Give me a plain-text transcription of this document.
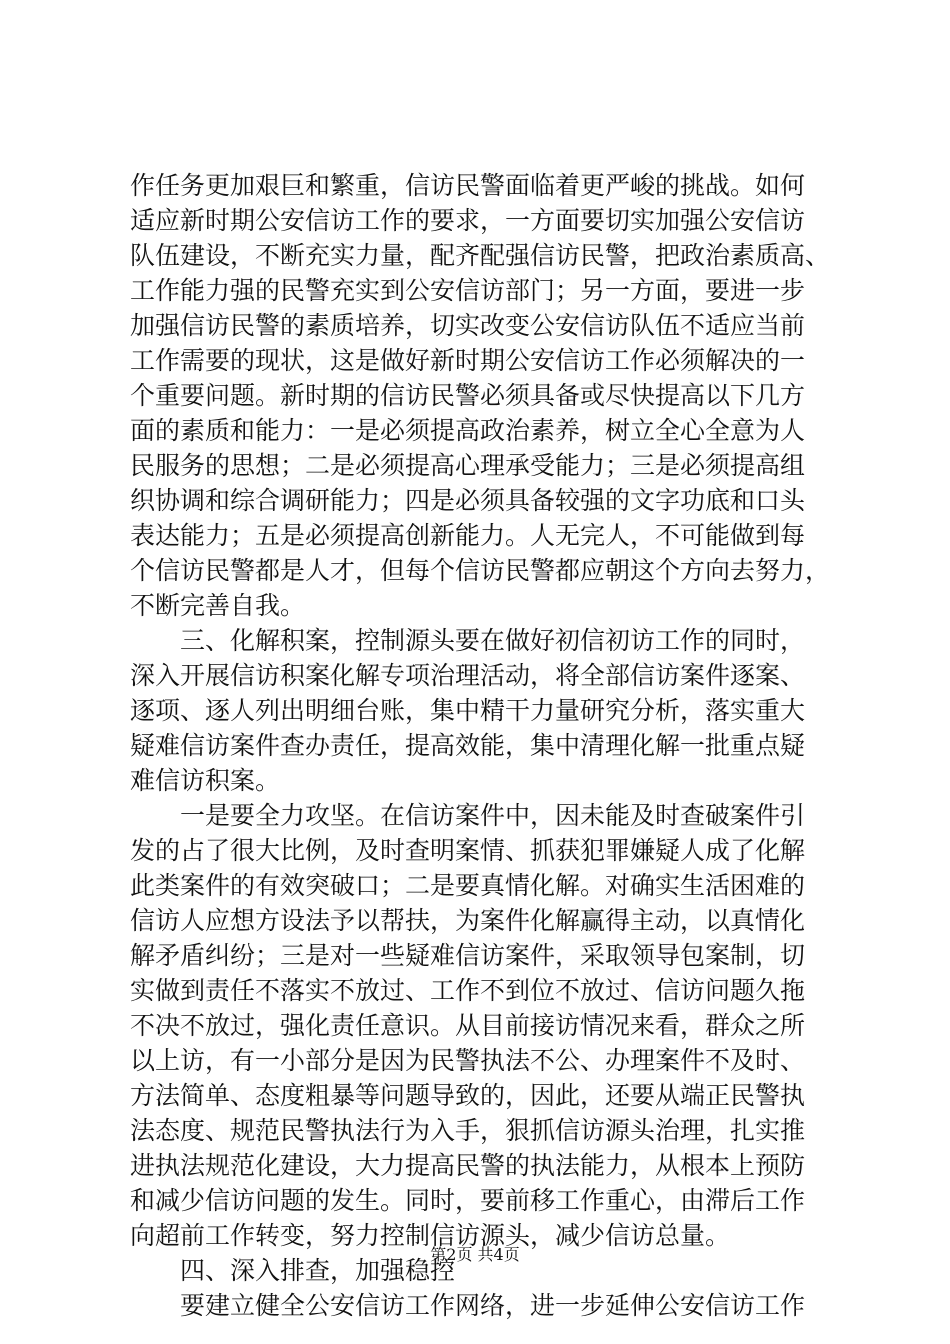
作任务更加艰巨和繁重，信访民警面临着更严峻的挑战。如何
适应新时期公安信访工作的要求，一方面要切实加强公安信访
队伍建设，不断充实力量，配齐配强信访民警，把政治素质高、
工作能力强的民警充实到公安信访部门；另一方面，要进一步
加强信访民警的素质培养，切实改变公安信访队伍不适应当前
工作需要的现状，这是做好新时期公安信访工作必须解决的一
个重要问题。新时期的信访民警必须具备或尽快提高以下几方
面的素质和能力：一是必须提高政治素养，树立全心全意为人
民服务的思想；二是必须提高心理承受能力；三是必须提高组
织协调和综合调研能力；四是必须具备较强的文字功底和口头
表达能力；五是必须提高创新能力。人无完人，不可能做到每
个信访民警都是人才，但每个信访民警都应朝这个方向去努力，
不断完善自我。
三、化解积案，控制源头要在做好初信初访工作的同时，
深入开展信访积案化解专项治理活动，将全部信访案件逐案、
逐项、逐人列出明细台账，集中精干力量研究分析，落实重大
疑难信访案件查办责任，提高效能，集中清理化解一批重点疑
难信访积案。
一是要全力攻坚。在信访案件中，因未能及时查破案件引
发的占了很大比例，及时查明案情、抓获犯罪嫌疑人成了化解
此类案件的有效突破口；二是要真情化解。对确实生活困难的
信访人应想方设法予以帮扶，为案件化解赢得主动，以真情化
解矛盾纠纷；三是对一些疑难信访案件，采取领导包案制，切
实做到责任不落实不放过、工作不到位不放过、信访问题久拖
不决不放过，强化责任意识。从目前接访情况来看，群众之所
以上访，有一小部分是因为民警执法不公、办理案件不及时、
方法简单、态度粗暴等问题导致的，因此，还要从端正民警执
法态度、规范民警执法行为入手，狠抓信访源头治理，扎实推
进执法规范化建设，大力提高民警的执法能力，从根本上预防
和减少信访问题的发生。同时，要前移工作重心，由滞后工作
向超前工作转变，努力控制信访源头，减少信访总量。
四、深入排查，加强稳控
要建立健全公安信访工作网络，进一步延伸公安信访工作
第2页 共4页
